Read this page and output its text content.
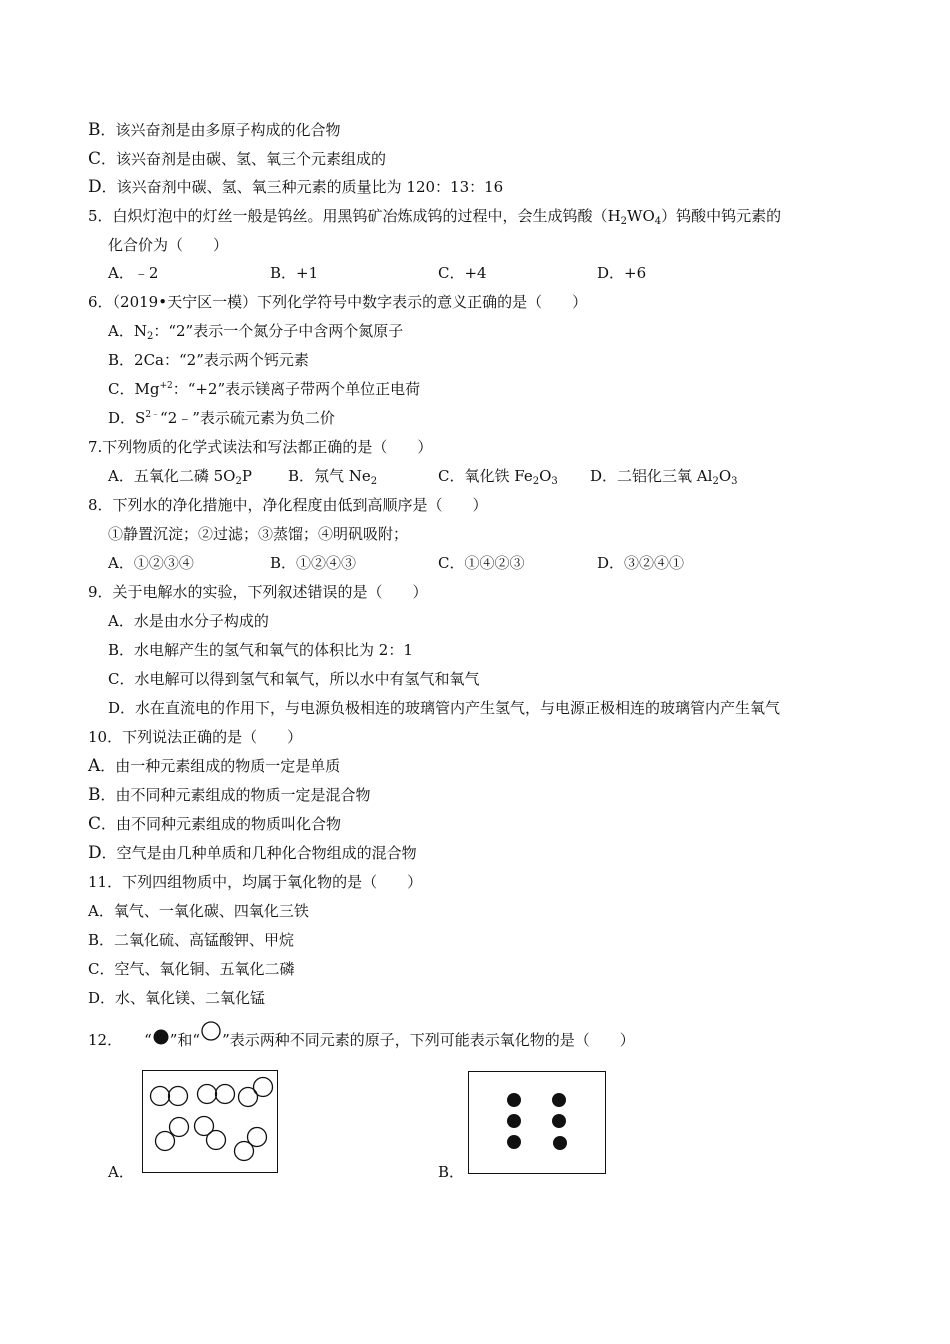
B．该兴奋剂是由多原子构成的化合物
C．该兴奋剂是由碳、氢、氧三个元素组成的
D．该兴奋剂中碳、氢、氧三种元素的质量比为 120：13：16
5．白炽灯泡中的灯丝一般是钨丝。用黑钨矿冶炼成钨的过程中，会生成钨酸$(H_2WO_4)$钨酸中钨元素的
化合价为（　　）
A．﹣2	B．+1	C．+4	D．+6
6．（2019•天宁区一模）下列化学符号中数字表示的意义正确的是（　　）
A．$N_2$：“2”表示一个氮分子中含两个氮原子
B．2Ca：“2”表示两个钙元素
C．$Mg^{+2}$：“+2”表示镁离子带两个单位正电荷
D．$S^{2﹣}“2﹣$”表示硫元素为负二价
7.下列物质的化学式读法和写法都正确的是（　　）
A．五氧化二磷 $5O_2P$ B．氖气 $Ne_2$	C．氧化铁 $Fe_2O_3$ D．二铝化三氧 $Al_2O_3$
8．下列水的净化措施中，净化程度由低到高顺序是（　　）
①静置沉淀；②过滤；③蒸馏；④明矾吸附；
A．①②③④	B．①②④③	C．①④②③	D．③②④①
9．关于电解水的实验，下列叙述错误的是（　　）
A．水是由水分子构成的
B．水电解产生的氢气和氧气的体积比为 2：1
C．水电解可以得到氢气和氧气，所以水中有氢气和氧气
D．水在直流电的作用下，与电源负极相连的玻璃管内产生氢气，与电源正极相连的玻璃管内产生氧气
10．下列说法正确的是（　　）
A．由一种元素组成的物质一定是单质
B．由不同种元素组成的物质一定是混合物
C．由不同种元素组成的物质叫化合物
D．空气是由几种单质和几种化合物组成的混合物
11．下列四组物质中，均属于氧化物的是（　　）
A．氧气、一氧化碳、四氧化三铁
B．二氧化硫、高锰酸钾、甲烷
C．空气、氧化铜、五氧化二磷
D．水、氧化镁、二氧化锰
12． “ ”和“ ”表示两种不同元素的原子，下列可能表示氧化物的是（　　）
A．	B．
